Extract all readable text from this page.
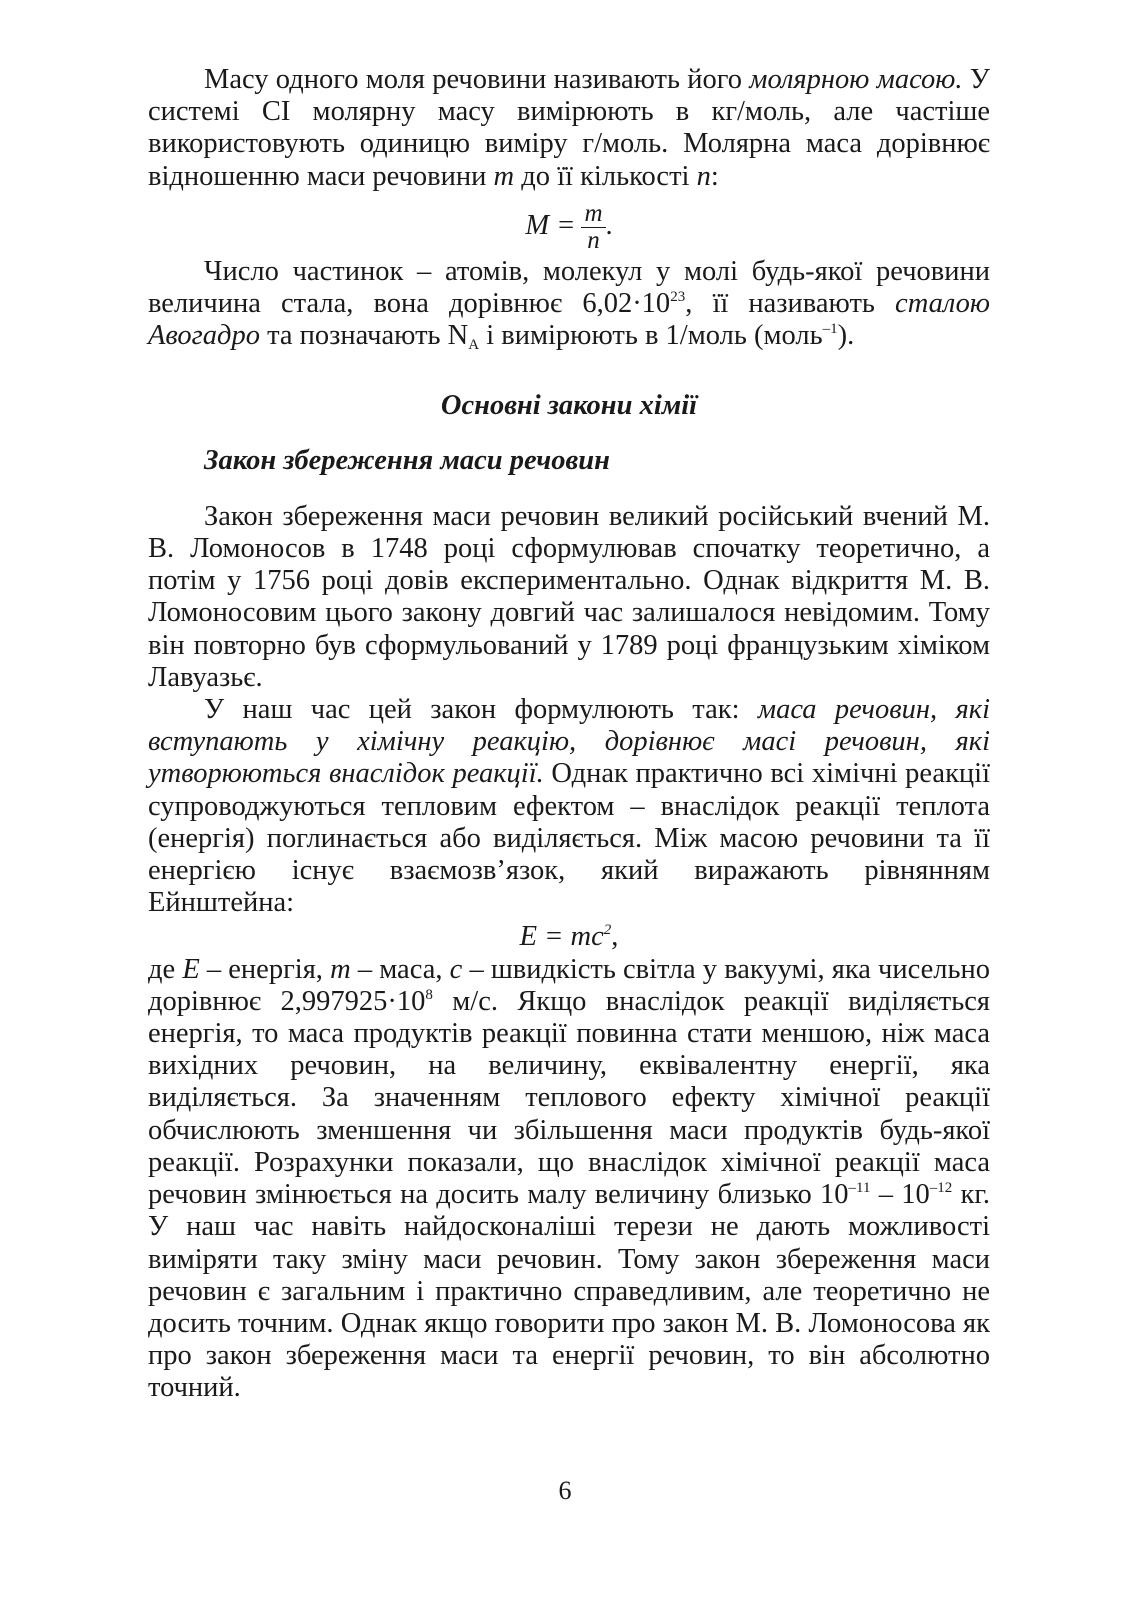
Масу одного моля речовини називають його молярною масою. У системі СІ молярну масу вимірюють в кг/моль, але частіше використовують одиницю виміру г/моль. Молярна маса дорівнює відношенню маси речовини m до її кількості n:

$M = \frac{m}{n}$ .

Число частинок – атомів, молекул у молі будь-якої речовини величина стала, вона дорівнює $6,02\cdot 10^{23}$, її називають сталою Авогадро та позначають $N_A$ і вимірюють в 1/моль (моль$^{-1}$).

Основні закони хімії
Закон збереження маси речовин

Закон збереження маси речовин великий російський вчений М. В. Ломоносов в 1748 році сформулював спочатку теоретично, а потім у 1756 році довів експериментально. Однак відкриття М. В. Ломоносовим цього закону довгий час залишалося невідомим. Тому він повторно був сформульований у 1789 році французьким хіміком Лавуазьє.

У наш час цей закон формулюють так: маса речовин, які вступають у хімічну реакцію, дорівнює масі речовин, які утворюються внаслідок реакції. Однак практично всі хімічні реакції супроводжуються тепловим ефектом – внаслідок реакції теплота (енергія) поглинається або виділяється. Між масою речовини та її енергією існує взаємозв’язок, який виражають рівнянням Ейнштейна:

$E = mc^2$,

де E – енергія, m – маса, c – швидкість світла у вакуумі, яка чисельно дорівнює $2,997925\cdot 10^8$ м/с. Якщо внаслідок реакції виділяється енергія, то маса продуктів реакції повинна стати меншою, ніж маса вихідних речовин, на величину, еквівалентну енергії, яка виділяється. За значенням теплового ефекту хімічної реакції обчислюють зменшення чи збільшення маси продуктів будь-якої реакції. Розрахунки показали, що внаслідок хімічної реакції маса речовин змінюється на досить малу величину близько $10^{-11} - 10^{-12}$ кг. У наш час навіть найдосконаліші терези не дають можливості виміряти таку зміну маси речовин. Тому закон збереження маси речовин є загальним і практично справедливим, але теоретично не досить точним. Однак якщо говорити про закон М. В. Ломоносова як про закон збереження маси та енергії речовин, то він абсолютно точний.

6
